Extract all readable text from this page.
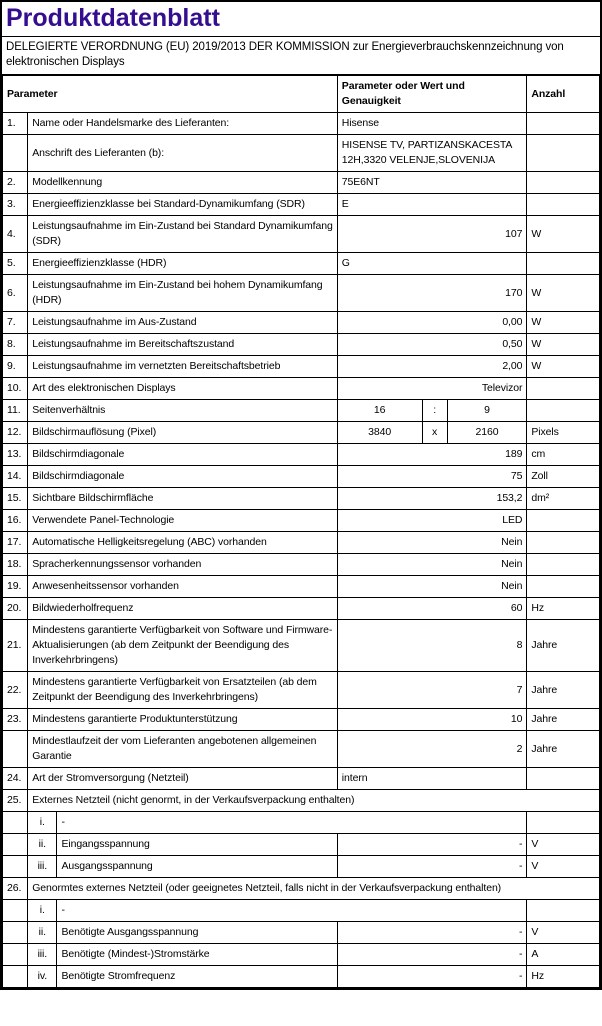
Produktdatenblatt
DELEGIERTE VERORDNUNG (EU) 2019/2013 DER KOMMISSION zur Energieverbrauchskennzeichnung von elektronischen Displays
Parameter			Parameter oder Wert und Genauigkeit			Anzahl
1.	Name oder Handelsmarke des Lieferanten:		Hisense			
	Anschrift des Lieferanten (b):		HISENSE TV, PARTIZANSKACESTA 12H,3320 VELENJE,SLOVENIJA			
2.	Modellkennung		75E6NT			
3.	Energieeffizienzklasse bei Standard-Dynamikumfang (SDR)		E			
4.	Leistungsaufnahme im Ein-Zustand bei Standard Dynamikumfang (SDR)		107			W
5.	Energieeffizienzklasse (HDR)		G			
6.	Leistungsaufnahme im Ein-Zustand bei hohem Dynamikumfang (HDR)		170			W
7.	Leistungsaufnahme im Aus-Zustand		0,00			W
8.	Leistungsaufnahme im Bereitschaftszustand		0,50			W
9.	Leistungsaufnahme im vernetzten Bereitschaftsbetrieb		2,00			W
10.	Art des elektronischen Displays		Televizor			
11.	Seitenverhältnis		16	:	9	
12.	Bildschirmauflösung (Pixel)		3840	x	2160	Pixels
13.	Bildschirmdiagonale		189			cm
14.	Bildschirmdiagonale		75			Zoll
15.	Sichtbare Bildschirmfläche		153,2			dm²
16.	Verwendete Panel-Technologie		LED			
17.	Automatische Helligkeitsregelung (ABC) vorhanden		Nein			
18.	Spracherkennungssensor vorhanden		Nein			
19.	Anwesenheitssensor vorhanden		Nein			
20.	Bildwiederholfrequenz		60			Hz
21.	Mindestens garantierte Verfügbarkeit von Software und Firmware-Aktualisierungen (ab dem Zeitpunkt der Beendigung des Inverkehrbringens)		8			Jahre
22.	Mindestens garantierte Verfügbarkeit von Ersatzteilen (ab dem Zeitpunkt der Beendigung des Inverkehrbringens)		7			Jahre
23.	Mindestens garantierte Produktunterstützung		10			Jahre
	Mindestlaufzeit der vom Lieferanten angebotenen allgemeinen Garantie		2			Jahre
24.	Art der Stromversorgung (Netzteil)		intern			
25.	Externes Netzteil (nicht genormt, in der Verkaufsverpackung enthalten)					
	i.	-				
	ii.	Eingangsspannung	-			V
	iii.	Ausgangsspannung	-			V
26.	Genormtes externes Netzteil (oder geeignetes Netzteil, falls nicht in der Verkaufsverpackung enthalten)					
	i.	-				
	ii.	Benötigte Ausgangsspannung	-			V
	iii.	Benötigte (Mindest-)Stromstärke	-			A
	iv.	Benötigte Stromfrequenz	-			Hz
